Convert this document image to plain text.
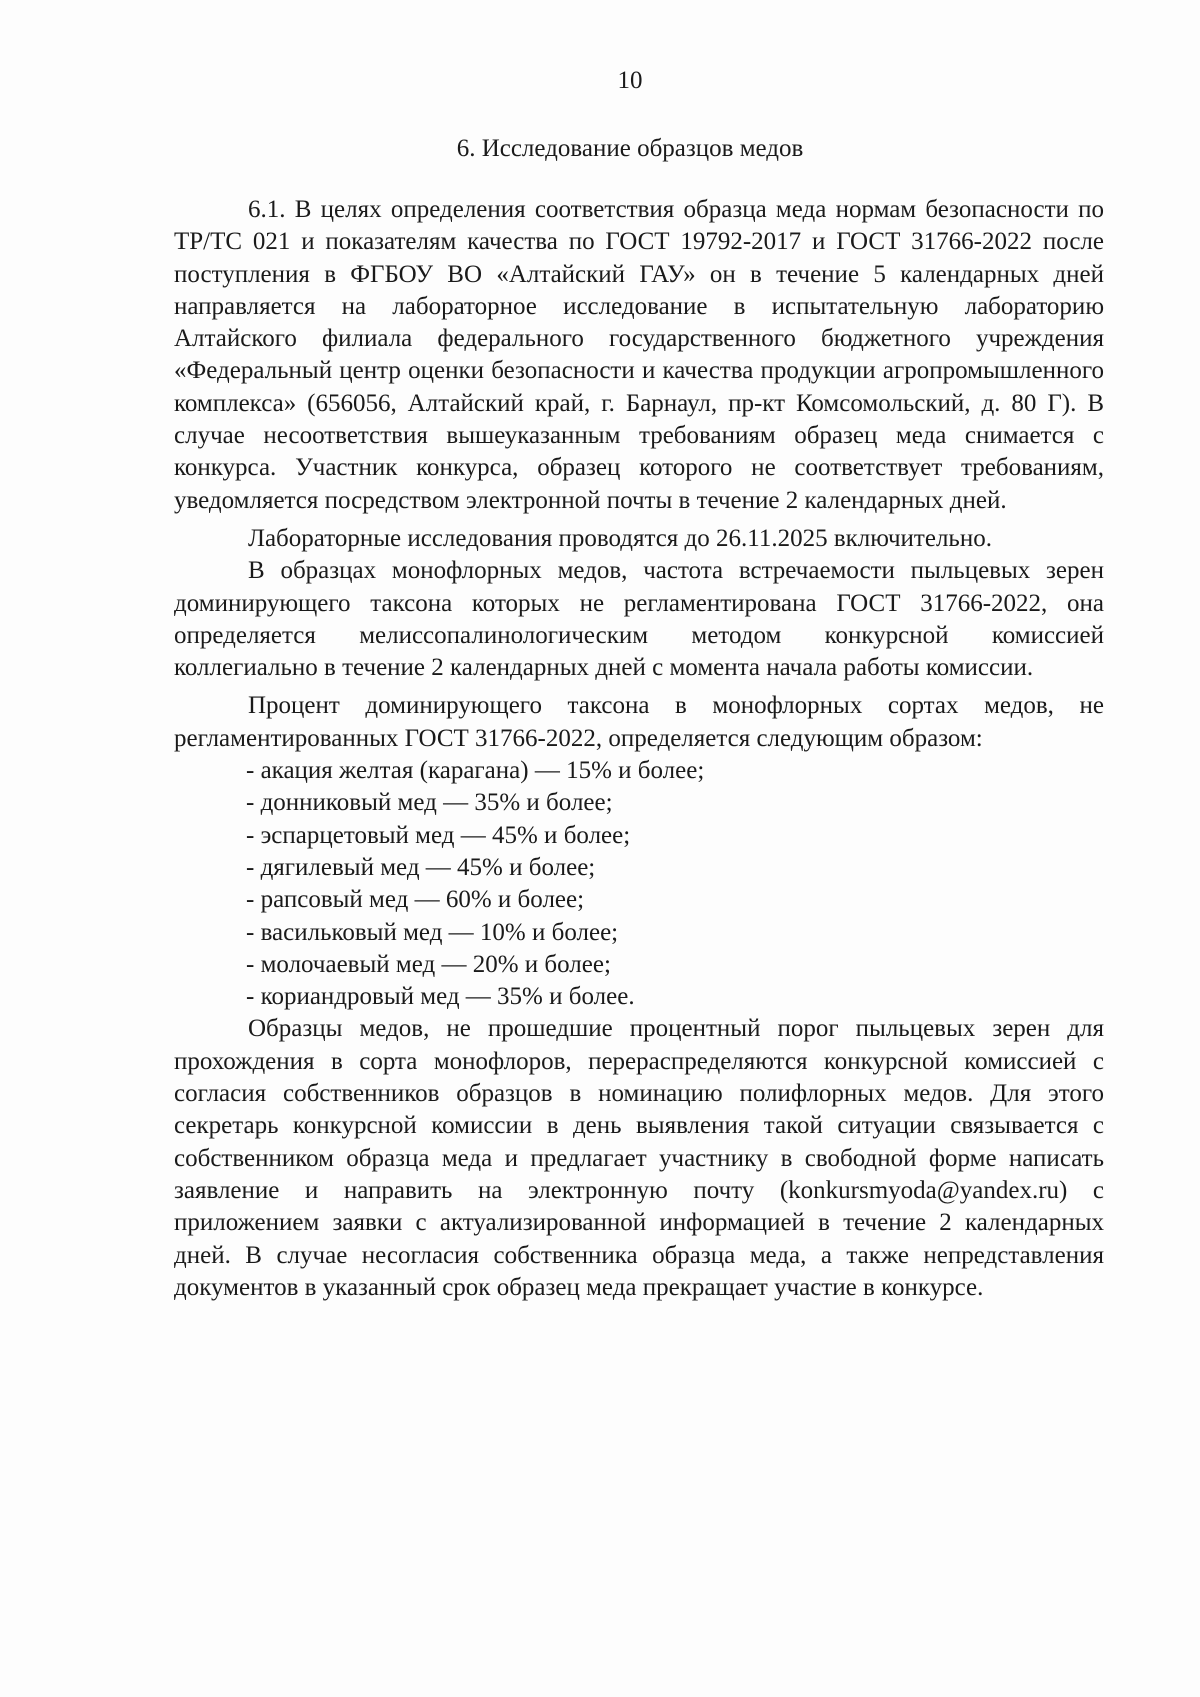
10
6. Исследование образцов медов

6.1. В целях определения соответствия образца меда нормам безопасности по ТР/ТС 021 и показателям качества по ГОСТ 19792-2017 и ГОСТ 31766-2022 после поступления в ФГБОУ ВО «Алтайский ГАУ» он в течение 5 календарных дней направляется на лабораторное исследование в испытательную лабораторию Алтайского филиала федерального государственного бюджетного учреждения «Федеральный центр оценки безопасности и качества продукции агропромышленного комплекса» (656056, Алтайский край, г. Барнаул, пр-кт Комсомольский, д. 80 Г). В случае несоответствия вышеуказанным требованиям образец меда снимается с конкурса. Участник конкурса, образец которого не соответствует требованиям, уведомляется посредством электронной почты в течение 2 календарных дней.

Лабораторные исследования проводятся до 26.11.2025 включительно.

В образцах монофлорных медов, частота встречаемости пыльцевых зерен доминирующего таксона которых не регламентирована ГОСТ 31766-2022, она определяется мелиссопалинологическим методом конкурсной комиссией коллегиально в течение 2 календарных дней с момента начала работы комиссии.

Процент доминирующего таксона в монофлорных сортах медов, не регламентированных ГОСТ 31766-2022, определяется следующим образом:

- акация желтая (карагана) — 15% и более;
- донниковый мед — 35% и более;
- эспарцетовый мед — 45% и более;
- дягилевый мед — 45% и более;
- рапсовый мед — 60% и более;
- васильковый мед — 10% и более;
- молочаевый мед — 20% и более;
- кориандровый мед — 35% и более.

Образцы медов, не прошедшие процентный порог пыльцевых зерен для прохождения в сорта монофлоров, перераспределяются конкурсной комиссией с согласия собственников образцов в номинацию полифлорных медов. Для этого секретарь конкурсной комиссии в день выявления такой ситуации связывается с собственником образца меда и предлагает участнику в свободной форме написать заявление и направить на электронную почту (konkursmyoda@yandex.ru) с приложением заявки с актуализированной информацией в течение 2 календарных дней. В случае несогласия собственника образца меда, а также непредставления документов в указанный срок образец меда прекращает участие в конкурсе.
